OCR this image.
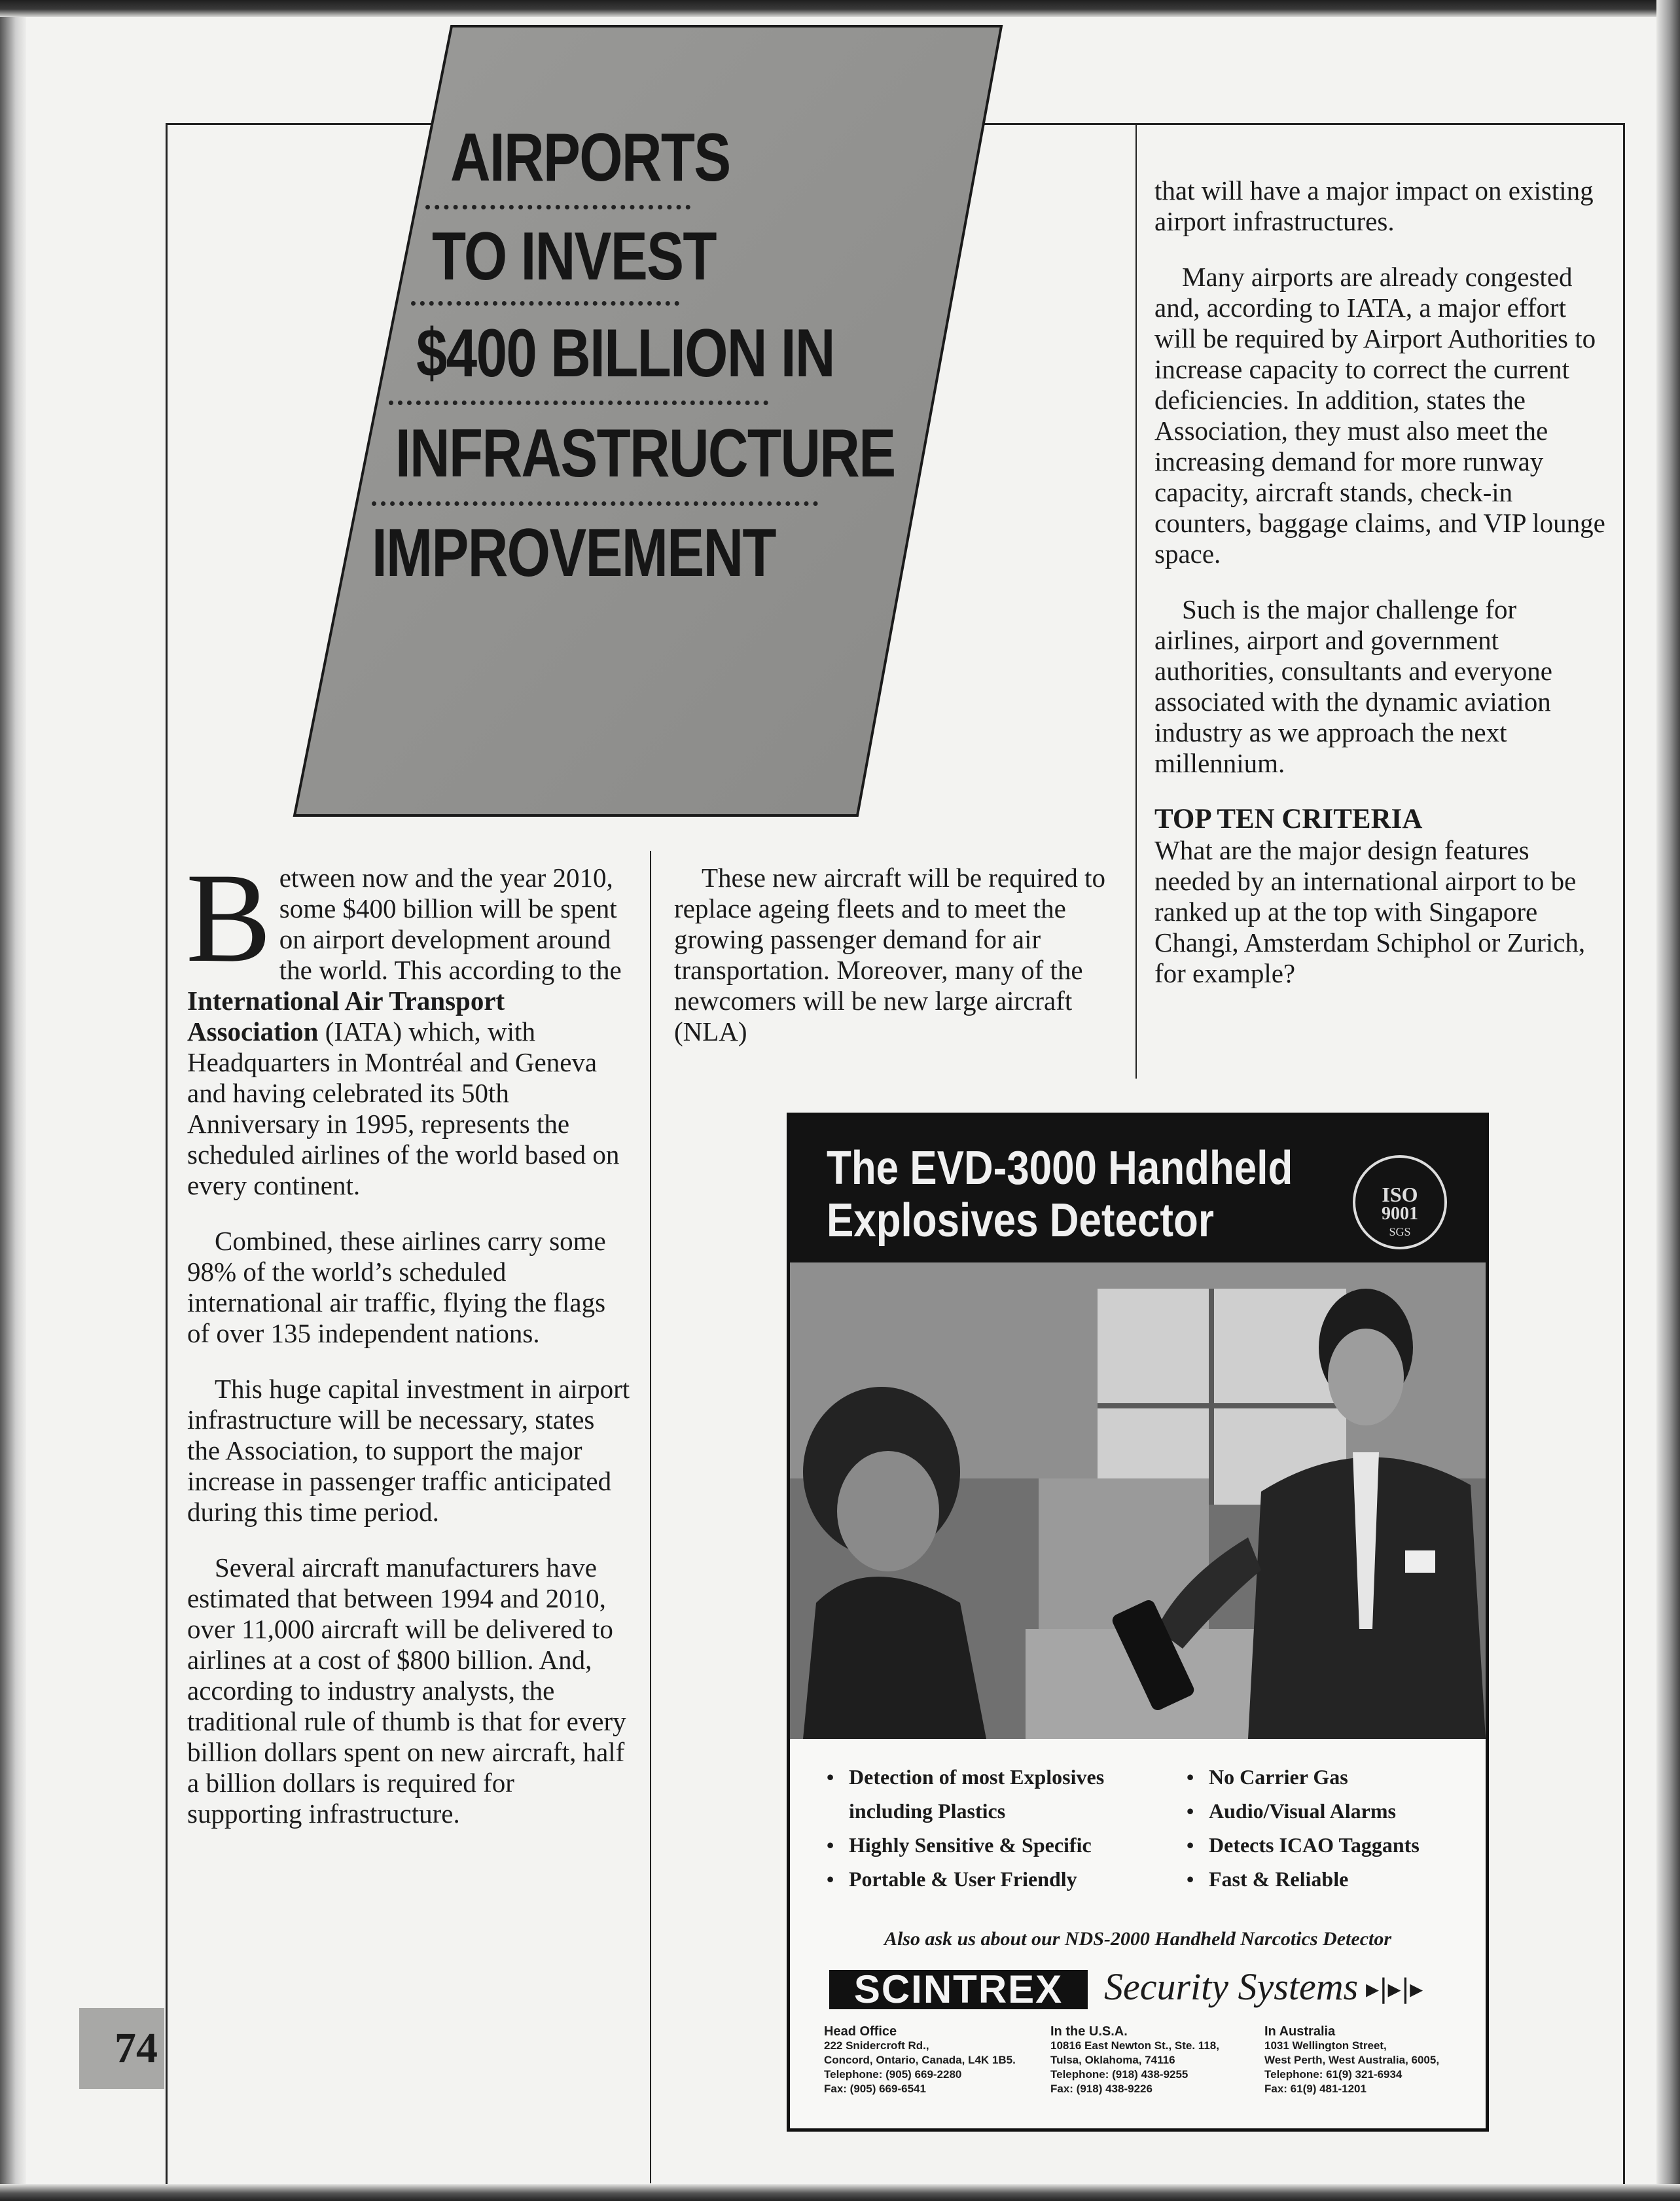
AIRPORTS
TO INVEST
$400 BILLION IN
INFRASTRUCTURE
IMPROVEMENT

Between now and the year 2010, some $400 billion will be spent on airport development around the world. This according to the International Air Transport Association (IATA) which, with Headquarters in Montréal and Geneva and having celebrated its 50th Anniversary in 1995, represents the scheduled airlines of the world based on every continent.

Combined, these airlines carry some 98% of the world’s scheduled international air traffic, flying the flags of over 135 independent nations.

This huge capital investment in airport infrastructure will be necessary, states the Association, to support the major increase in passenger traffic anticipated during this time period.

Several aircraft manufacturers have estimated that between 1994 and 2010, over 11,000 aircraft will be delivered to airlines at a cost of $800 billion. And, according to industry analysts, the traditional rule of thumb is that for every billion dollars spent on new aircraft, half a billion dollars is required for supporting infrastructure.

These new aircraft will be required to replace ageing fleets and to meet the growing passenger demand for air transportation. Moreover, many of the newcomers will be new large aircraft (NLA)

that will have a major impact on existing airport infrastructures.

Many airports are already congested and, according to IATA, a major effort will be required by Airport Authorities to increase capacity to correct the current deficiencies. In addition, states the Association, they must also meet the increasing demand for more runway capacity, aircraft stands, check-in counters, baggage claims, and VIP lounge space.

Such is the major challenge for airlines, airport and government authorities, consultants and everyone associated with the dynamic aviation industry as we approach the next millennium.

TOP TEN CRITERIA

What are the major design features needed by an international airport to be ranked up at the top with Singapore Changi, Amsterdam Schiphol or Zurich, for example?

74
The EVD-3000 Handheld
Explosives Detector	ISO
9001
SGS
• Detection of most Explosives including Plastics
• Highly Sensitive & Specific
• Portable & User Friendly
• No Carrier Gas
• Audio/Visual Alarms
• Detects ICAO Taggants
• Fast & Reliable
Also ask us about our NDS-2000 Handheld Narcotics Detector
SCINTREX	Security Systems ▸|▸|▸
Head Office
222 Snidercroft Rd.,
Concord, Ontario, Canada, L4K 1B5.
Telephone: (905) 669-2280
Fax: (905) 669-6541
In the U.S.A.
10816 East Newton St., Ste. 118,
Tulsa, Oklahoma, 74116
Telephone: (918) 438-9255
Fax: (918) 438-9226
In Australia
1031 Wellington Street,
West Perth, West Australia, 6005,
Telephone: 61(9) 321-6934
Fax: 61(9) 481-1201
